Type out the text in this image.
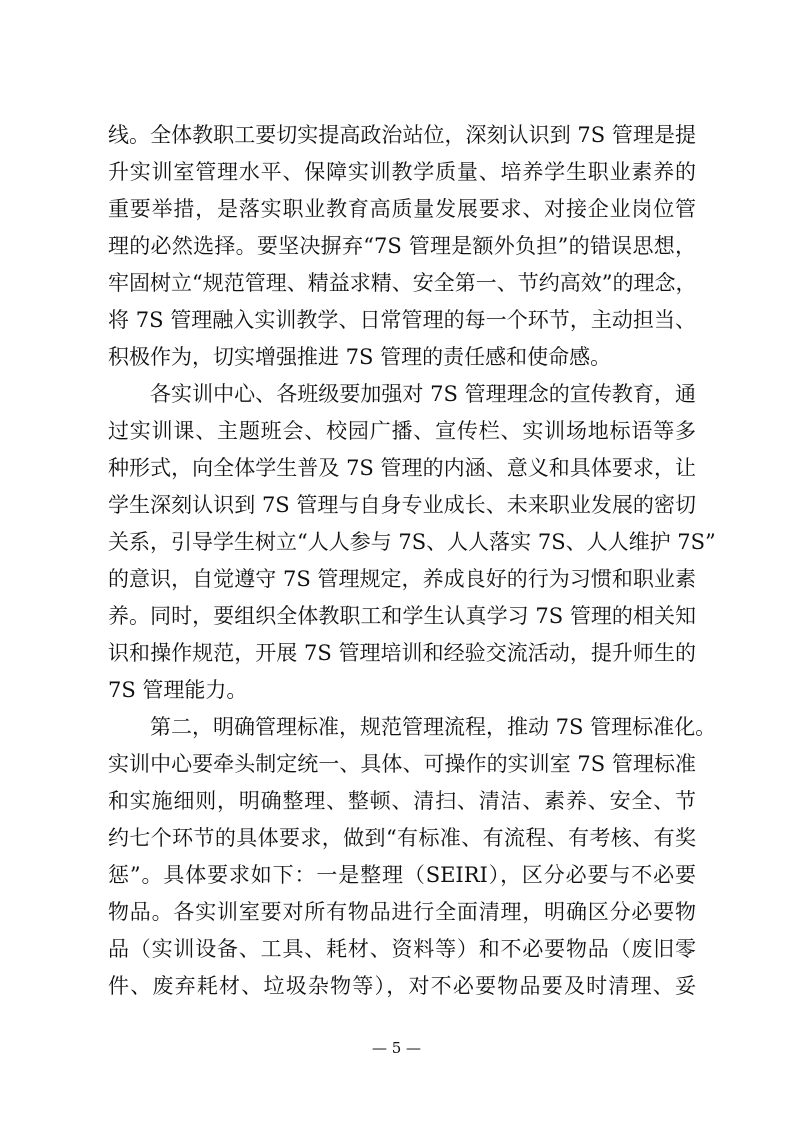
线。全体教职工要切实提高政治站位，深刻认识到 7S 管理是提
升实训室管理水平、保障实训教学质量、培养学生职业素养的
重要举措，是落实职业教育高质量发展要求、对接企业岗位管
理的必然选择。要坚决摒弃“7S 管理是额外负担”的错误思想，
牢固树立“规范管理、精益求精、安全第一、节约高效”的理念，
将 7S 管理融入实训教学、日常管理的每一个环节，主动担当、
积极作为，切实增强推进 7S 管理的责任感和使命感。
各实训中心、各班级要加强对 7S 管理理念的宣传教育，通
过实训课、主题班会、校园广播、宣传栏、实训场地标语等多
种形式，向全体学生普及 7S 管理的内涵、意义和具体要求，让
学生深刻认识到 7S 管理与自身专业成长、未来职业发展的密切
关系，引导学生树立“人人参与 7S、人人落实 7S、人人维护 7S”
的意识，自觉遵守 7S 管理规定，养成良好的行为习惯和职业素
养。同时，要组织全体教职工和学生认真学习 7S 管理的相关知
识和操作规范，开展 7S 管理培训和经验交流活动，提升师生的
7S 管理能力。
第二，明确管理标准，规范管理流程，推动 7S 管理标准化。
实训中心要牵头制定统一、具体、可操作的实训室 7S 管理标准
和实施细则，明确整理、整顿、清扫、清洁、素养、安全、节
约七个环节的具体要求，做到“有标准、有流程、有考核、有奖
惩”。具体要求如下：一是整理（SEIRI），区分必要与不必要
物品。各实训室要对所有物品进行全面清理，明确区分必要物
品（实训设备、工具、耗材、资料等）和不必要物品（废旧零
件、废弃耗材、垃圾杂物等），对不必要物品要及时清理、妥
— 5 —
